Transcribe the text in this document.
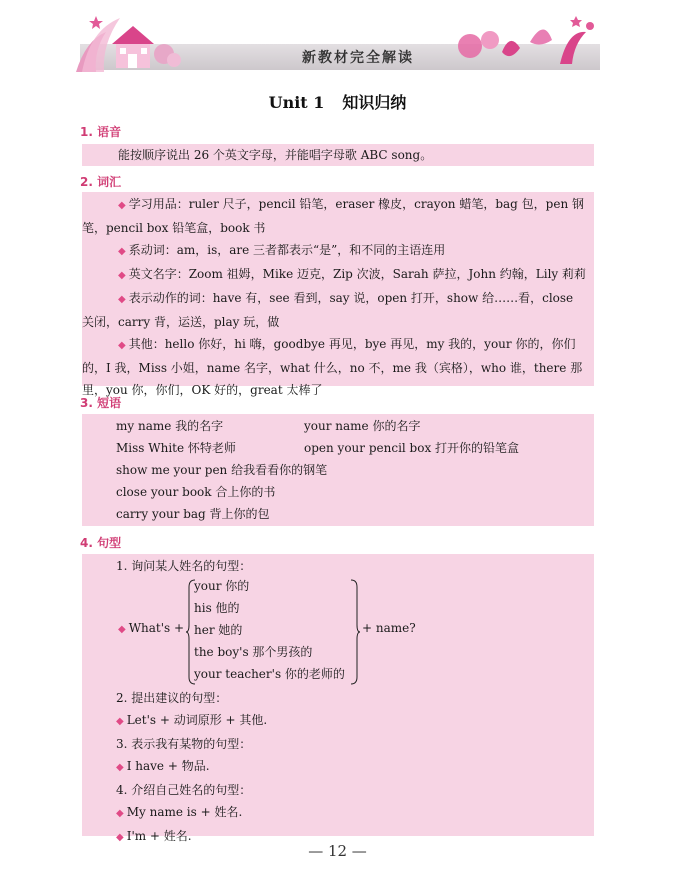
新教材完全解读
Unit 1 知识归纳
1. 语音

能按顺序说出 26 个英文字母，并能唱字母歌 ABC song。

2. 词汇

◆ 学习用品：ruler 尺子，pencil 铅笔，eraser 橡皮，crayon 蜡笔，bag 包，pen 钢

笔，pencil box 铅笔盒，book 书

◆ 系动词：am，is，are 三者都表示“是”，和不同的主语连用

◆ 英文名字：Zoom 祖姆，Mike 迈克，Zip 次波，Sarah 萨拉，John 约翰，Lily 莉莉

◆ 表示动作的词：have 有，see 看到，say 说，open 打开，show 给……看，close

关闭，carry 背，运送，play 玩，做

◆ 其他：hello 你好，hi 嗨，goodbye 再见，bye 再见，my 我的，your 你的，你们

的，I 我，Miss 小姐，name 名字，what 什么，no 不，me 我（宾格），who 谁，there 那

里，you 你，你们，OK 好的，great 太棒了

3. 短语
my name 我的名字	your name 你的名字
Miss White 怀特老师	open your pencil box 打开你的铅笔盒
show me your pen 给我看看你的钢笔
close your book 合上你的书
carry your bag 背上你的包
4. 句型

1. 询问某人姓名的句型：

◆ What's +
your 你的
his 他的
her 她的
the boy's 那个男孩的
your teacher's 你的老师的
+ name?

2. 提出建议的句型：

◆ Let's + 动词原形 + 其他.

3. 表示我有某物的句型：

◆ I have + 物品.

4. 介绍自己姓名的句型：

◆ My name is + 姓名.

◆ I'm + 姓名.

— 12 —
